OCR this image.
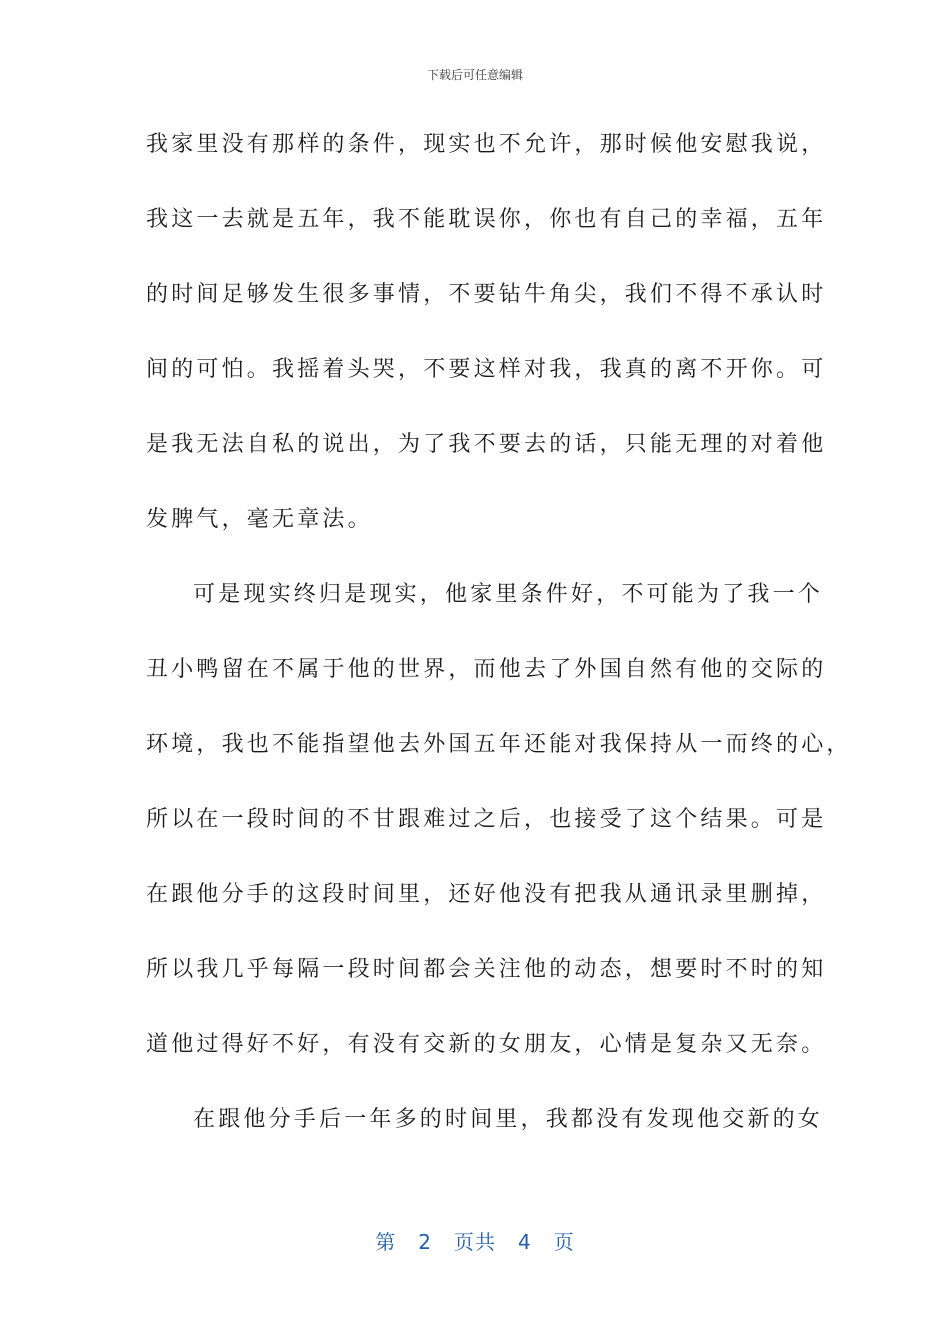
下载后可任意编辑
我家里没有那样的条件，现实也不允许，那时候他安慰我说，
我这一去就是五年，我不能耽误你，你也有自己的幸福，五年
的时间足够发生很多事情，不要钻牛角尖，我们不得不承认时
间的可怕。我摇着头哭，不要这样对我，我真的离不开你。可
是我无法自私的说出，为了我不要去的话，只能无理的对着他
发脾气，毫无章法。
可是现实终归是现实，他家里条件好，不可能为了我一个
丑小鸭留在不属于他的世界，而他去了外国自然有他的交际的
环境，我也不能指望他去外国五年还能对我保持从一而终的心，
所以在一段时间的不甘跟难过之后，也接受了这个结果。可是
在跟他分手的这段时间里，还好他没有把我从通讯录里删掉，
所以我几乎每隔一段时间都会关注他的动态，想要时不时的知
道他过得好不好，有没有交新的女朋友，心情是复杂又无奈。
在跟他分手后一年多的时间里，我都没有发现他交新的女
第 2 页共 4 页
